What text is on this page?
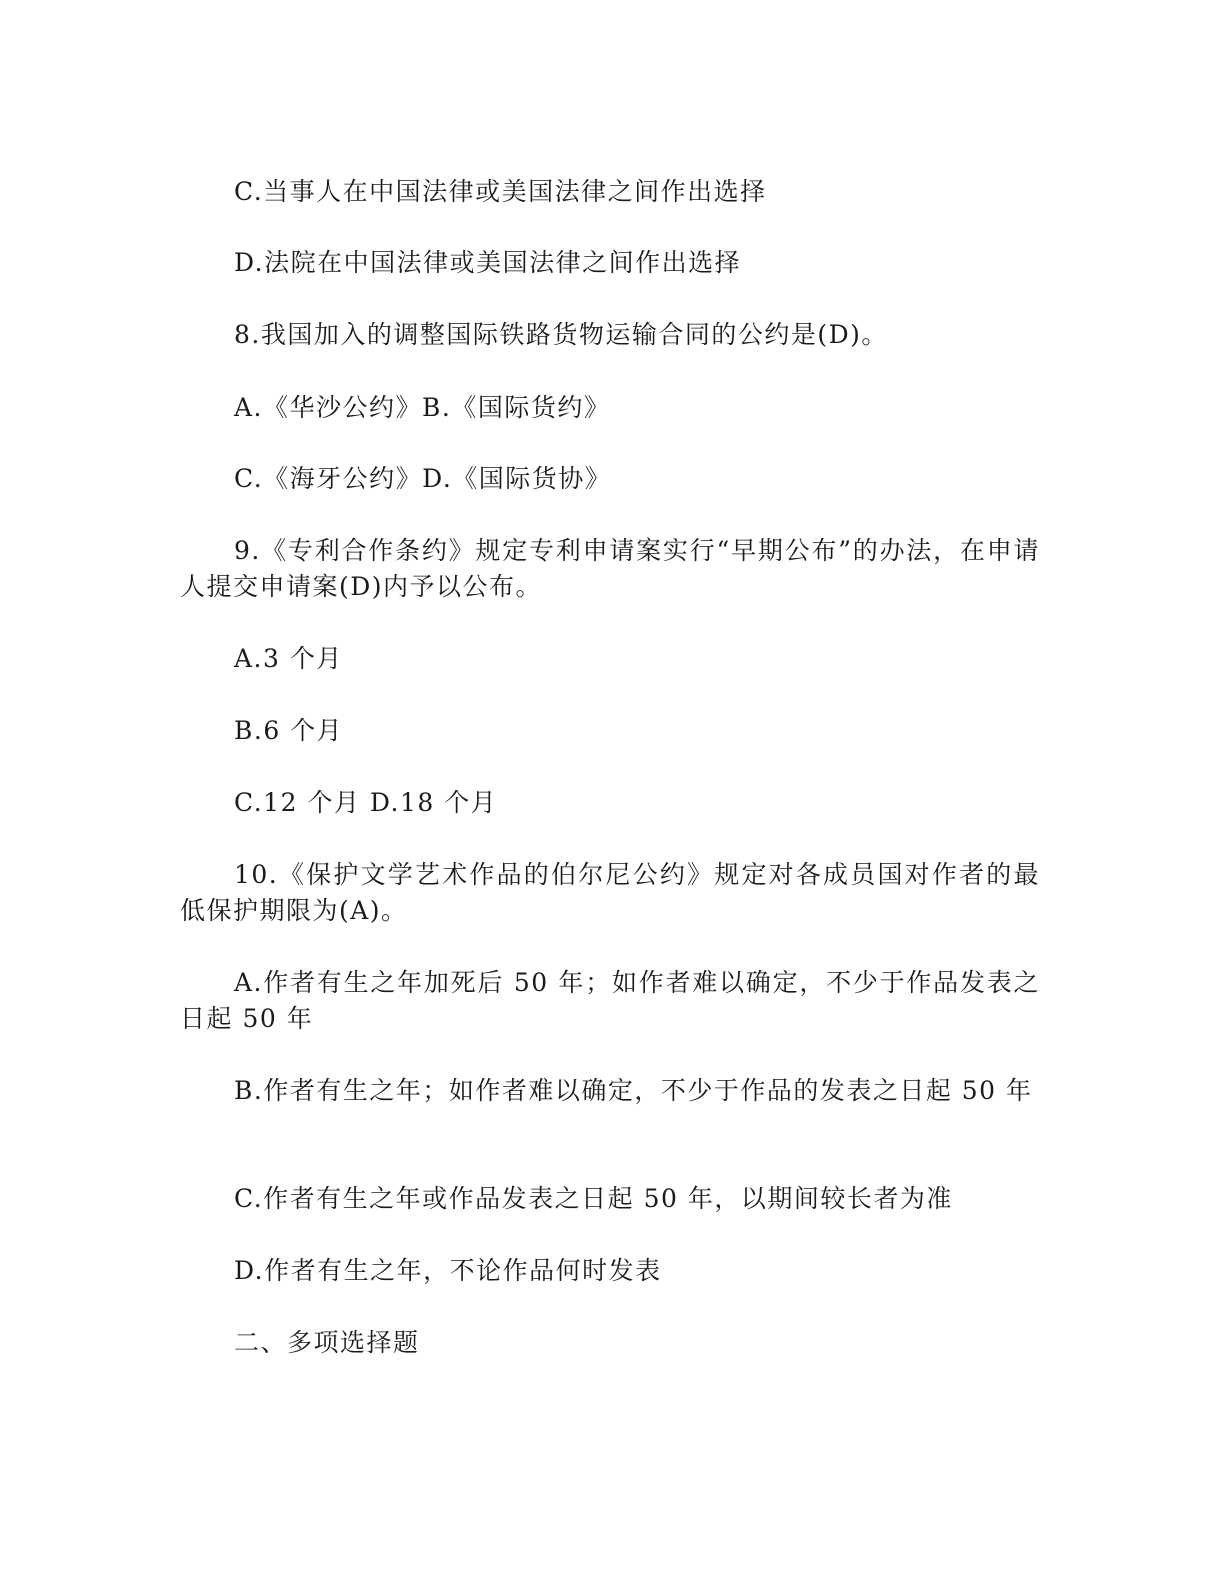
C.当事人在中国法律或美国法律之间作出选择

D.法院在中国法律或美国法律之间作出选择

8.我国加入的调整国际铁路货物运输合同的公约是(D)。

A.《华沙公约》B.《国际货约》

C.《海牙公约》D.《国际货协》

9.《专利合作条约》规定专利申请案实行“早期公布”的办法，在申请人提交申请案(D)内予以公布。

A.3 个月

B.6 个月

C.12 个月 D.18 个月

10.《保护文学艺术作品的伯尔尼公约》规定对各成员国对作者的最低保护期限为(A)。

A.作者有生之年加死后 50 年；如作者难以确定，不少于作品发表之日起 50 年

B.作者有生之年；如作者难以确定，不少于作品的发表之日起 50 年

C.作者有生之年或作品发表之日起 50 年，以期间较长者为准

D.作者有生之年，不论作品何时发表

二、多项选择题
